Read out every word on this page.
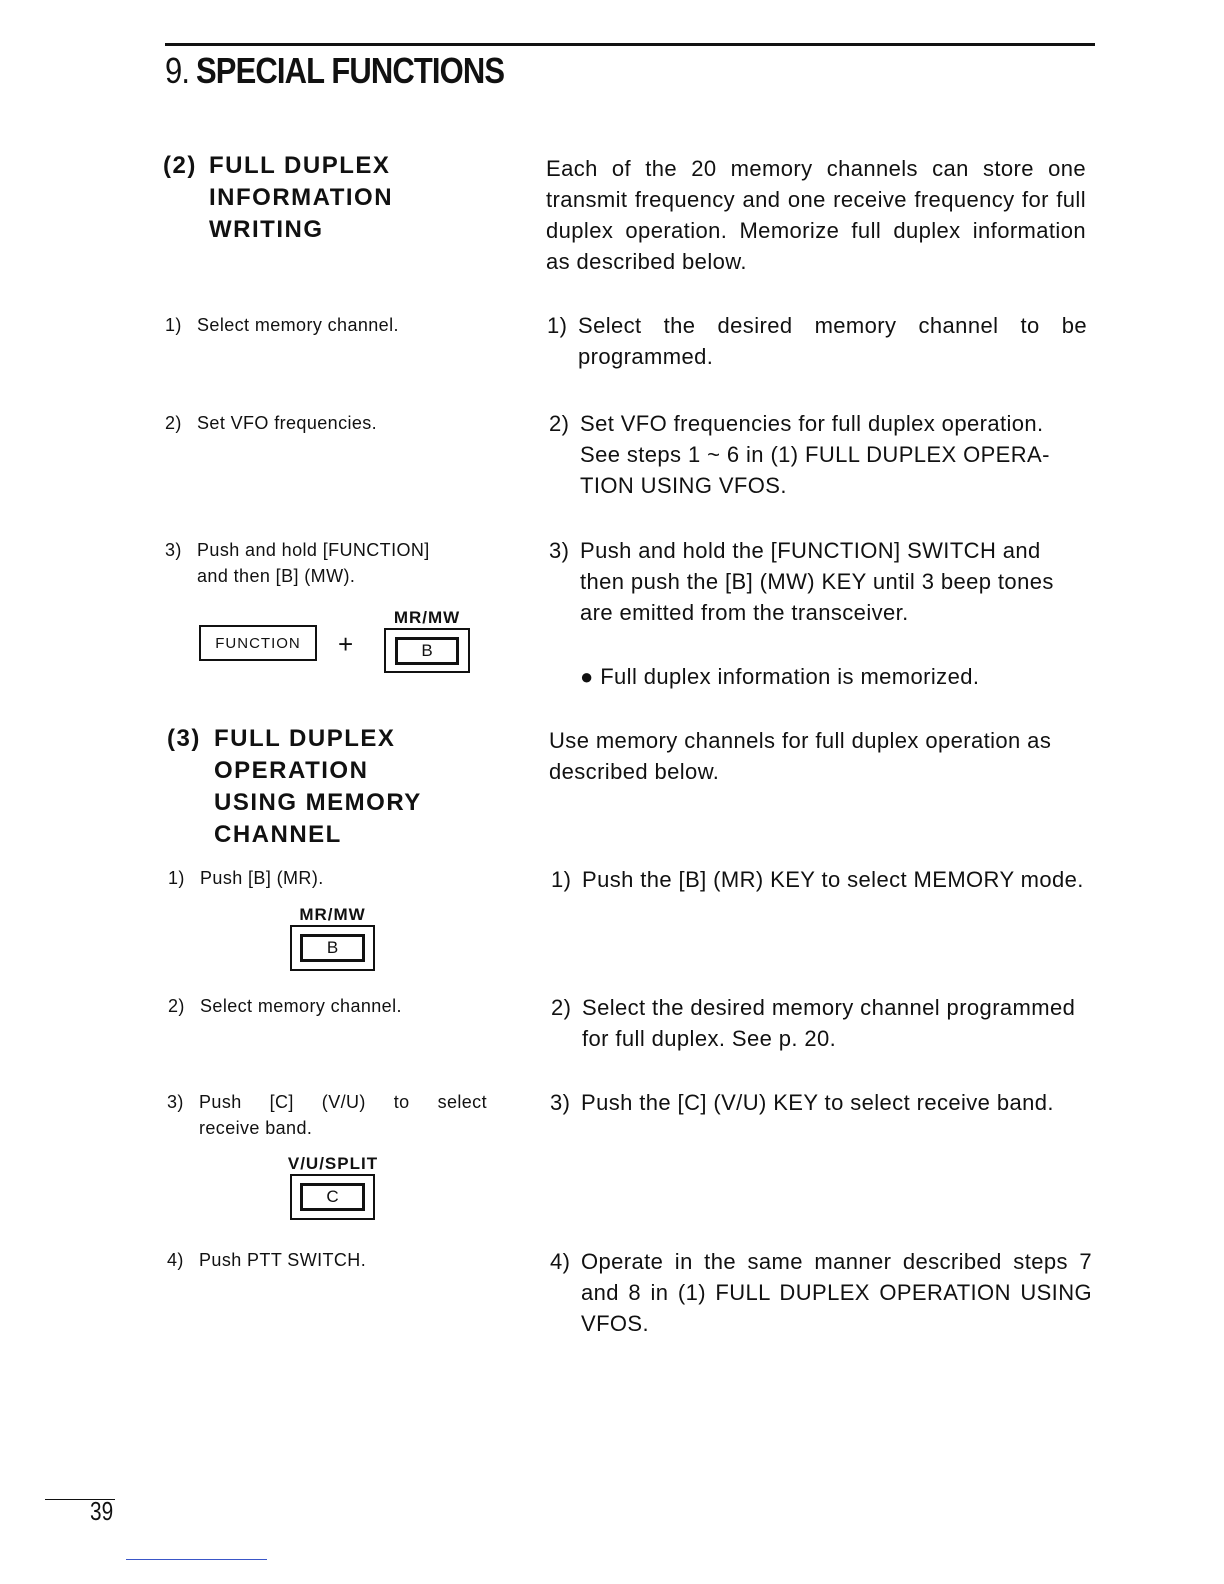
9. SPECIAL FUNCTIONS
(2) FULL DUPLEX
INFORMATION
WRITING
Each of the 20 memory channels can store one transmit frequency and one receive frequency for full duplex operation. Memorize full duplex information as described below.
1) Select memory channel.	1) Select the desired memory channel to be programmed.
2) Set VFO frequencies.	2) Set VFO frequencies for full duplex operation. See steps 1 ~ 6 in (1) FULL DUPLEX OPERA-TION USING VFOS.
3) Push and hold [FUNCTION]
and then [B] (MW).
3) Push and hold the [FUNCTION] SWITCH and then push the [B] (MW) KEY until 3 beep tones are emitted from the transceiver.
FUNCTION	+
MR/MW
B
● Full duplex information is memorized.
(3) FULL DUPLEX
OPERATION
USING MEMORY
CHANNEL
Use memory channels for full duplex operation as described below.
1) Push [B] (MR).
MR/MW
B
1) Push the [B] (MR) KEY to select MEMORY mode.
2) Select memory channel.	2) Select the desired memory channel programmed for full duplex. See p. 20.
3) Push [C] (V/U) to select
receive band.
V/U/SPLIT
C
3) Push the [C] (V/U) KEY to select receive band.
4) Push PTT SWITCH.	4) Operate in the same manner described steps 7 and 8 in (1) FULL DUPLEX OPERATION USING VFOS.
39
